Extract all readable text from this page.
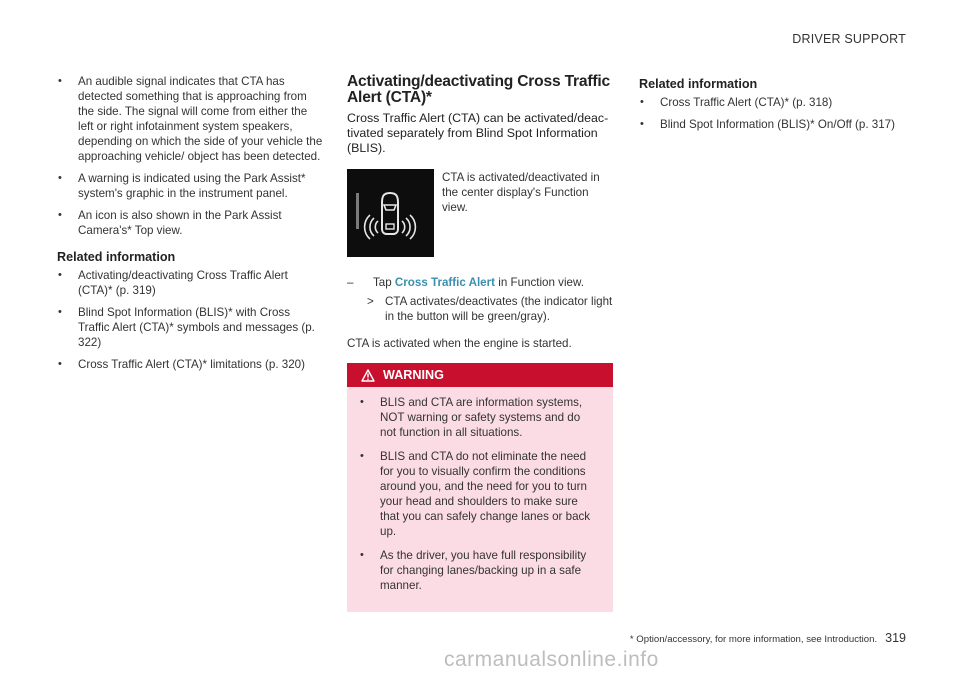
DRIVER SUPPORT
• An audible signal indicates that CTA has detected something that is approaching from the side. The signal will come from either the left or right infotainment system speakers, depending on which the side of your vehicle the approaching vehicle/ object has been detected.
• A warning is indicated using the Park Assist* system's graphic in the instrument panel.
• An icon is also shown in the Park Assist Camera's* Top view.
Related information
• Activating/deactivating Cross Traffic Alert (CTA)* (p. 319)
• Blind Spot Information (BLIS)* with Cross Traffic Alert (CTA)* symbols and messages (p. 322)
• Cross Traffic Alert (CTA)* limitations (p. 320)
Activating/deactivating Cross Traffic Alert (CTA)*
Cross Traffic Alert (CTA) can be activated/deac-tivated separately from Blind Spot Information (BLIS).
CTA is activated/deactivated in the center display's Function view.
– Tap Cross Traffic Alert in Function view.
> CTA activates/deactivates (the indicator light in the button will be green/gray).
CTA is activated when the engine is started.
WARNING
• BLIS and CTA are information systems, NOT warning or safety systems and do not function in all situations.
• BLIS and CTA do not eliminate the need for you to visually confirm the conditions around you, and the need for you to turn your head and shoulders to make sure that you can safely change lanes or back up.
• As the driver, you have full responsibility for changing lanes/backing up in a safe manner.
Related information
• Cross Traffic Alert (CTA)* (p. 318)
• Blind Spot Information (BLIS)* On/Off (p. 317)
* Option/accessory, for more information, see Introduction. 319
carmanualsonline.info
